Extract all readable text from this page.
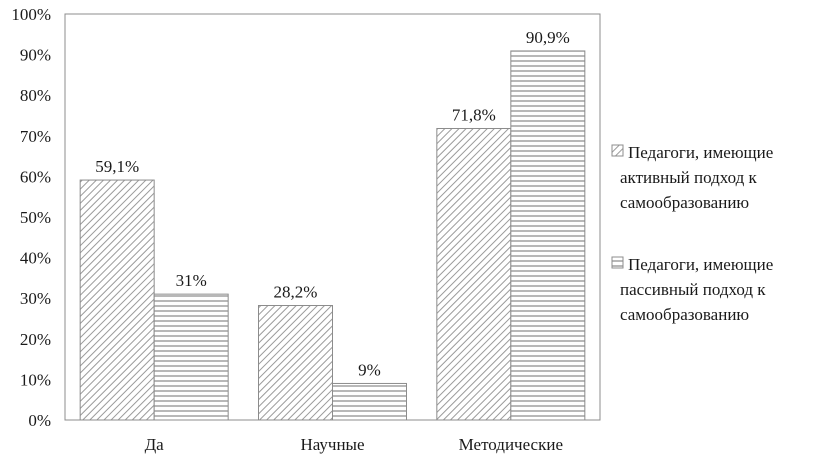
0%
10%
20%
30%
40%
50%
60%
70%
80%
90%
100%
59,1%
31%
28,2%
9%
71,8%
90,9%
Да	Научные	Методические
Педагоги, имеющие
активный подход к
самообразованию
Педагоги, имеющие
пассивный подход к
самообразованию
